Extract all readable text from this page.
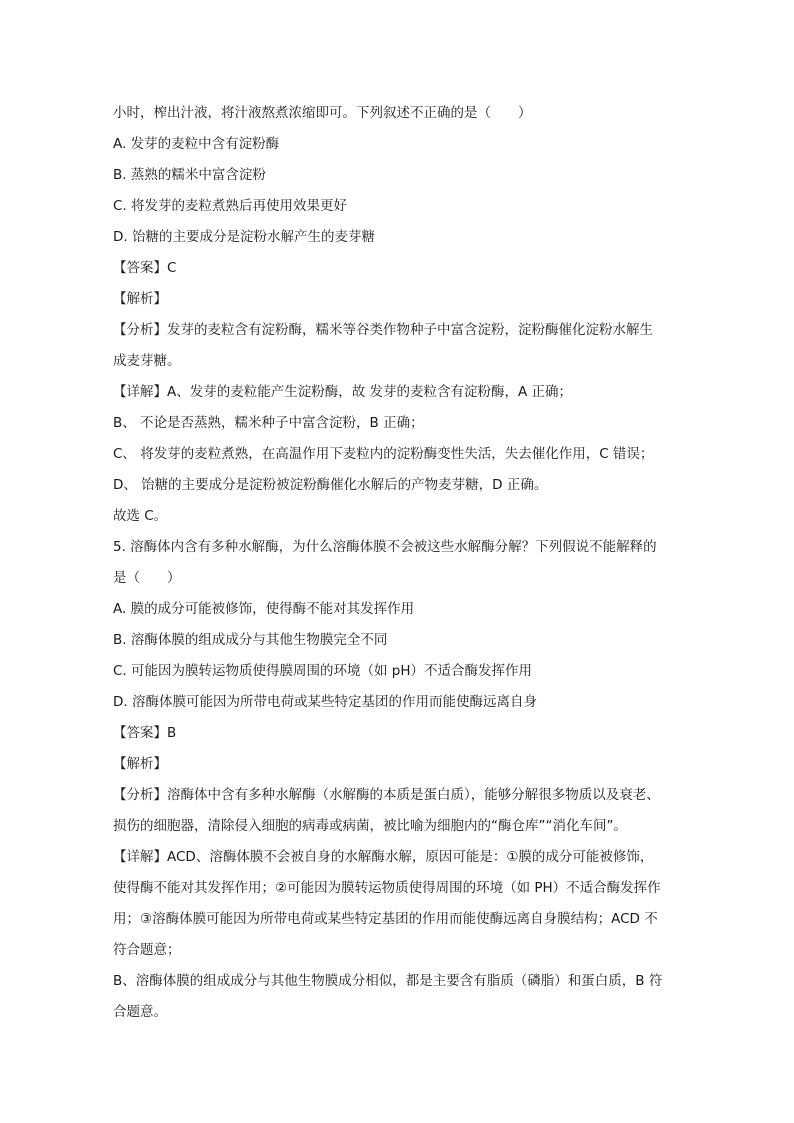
小时，榨出汁液，将汁液熬煮浓缩即可。下列叙述不正确的是（　　）
A. 发芽的麦粒中含有淀粉酶
B. 蒸熟的糯米中富含淀粉
C. 将发芽的麦粒煮熟后再使用效果更好
D. 饴糖的主要成分是淀粉水解产生的麦芽糖
【答案】C
【解析】
【分析】发芽的麦粒含有淀粉酶，糯米等谷类作物种子中富含淀粉，淀粉酶催化淀粉水解生
成麦芽糖。
【详解】A、发芽的麦粒能产生淀粉酶，故 发芽的麦粒含有淀粉酶，A 正确；
B、 不论是否蒸熟，糯米种子中富含淀粉，B 正确；
C、 将发芽的麦粒煮熟，在高温作用下麦粒内的淀粉酶变性失活，失去催化作用，C 错误；
D、 饴糖的主要成分是淀粉被淀粉酶催化水解后的产物麦芽糖，D 正确。
故选 C。
5. 溶酶体内含有多种水解酶，为什么溶酶体膜不会被这些水解酶分解？下列假说不能解释的
是（　　）
A. 膜的成分可能被修饰，使得酶不能对其发挥作用
B. 溶酶体膜的组成成分与其他生物膜完全不同
C. 可能因为膜转运物质使得膜周围的环境（如 pH）不适合酶发挥作用
D. 溶酶体膜可能因为所带电荷或某些特定基团的作用而能使酶远离自身
【答案】B
【解析】
【分析】溶酶体中含有多种水解酶（水解酶的本质是蛋白质），能够分解很多物质以及衰老、
损伤的细胞器，清除侵入细胞的病毒或病菌，被比喻为细胞内的“酶仓库”“消化车间”。
【详解】ACD、溶酶体膜不会被自身的水解酶水解，原因可能是：①膜的成分可能被修饰，
使得酶不能对其发挥作用；②可能因为膜转运物质使得周围的环境（如 PH）不适合酶发挥作
用；③溶酶体膜可能因为所带电荷或某些特定基团的作用而能使酶远离自身膜结构；ACD 不
符合题意；
B、溶酶体膜的组成成分与其他生物膜成分相似，都是主要含有脂质（磷脂）和蛋白质，B 符
合题意。
